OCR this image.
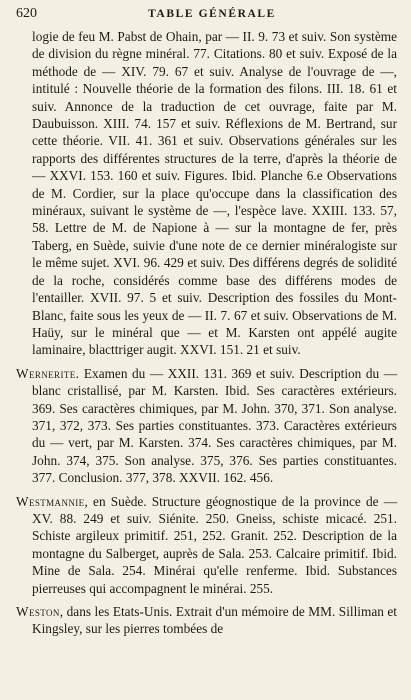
620	TABLE GÉNÉRALE

logie de feu M. Pabst de Ohain, par — II. 9. 73 et suiv. Son système de division du règne minéral. 77. Citations. 80 et suiv. Exposé de la méthode de — XIV. 79. 67 et suiv. Analyse de l'ouvrage de —, intitulé : Nouvelle théorie de la formation des filons. III. 18. 61 et suiv. Annonce de la traduction de cet ouvrage, faite par M. Daubuisson. XIII. 74. 157 et suiv. Réflexions de M. Bertrand, sur cette théorie. VII. 41. 361 et suiv. Observations générales sur les rapports des différentes structures de la terre, d'après la théorie de — XXVI. 153. 160 et suiv. Figures. Ibid. Planche 6.e Observations de M. Cordier, sur la place qu'occupe dans la classification des minéraux, suivant le système de —, l'espèce lave. XXIII. 133. 57, 58. Lettre de M. de Napione à — sur la montagne de fer, près Taberg, en Suède, suivie d'une note de ce dernier minéralogiste sur le même sujet. XVI. 96. 429 et suiv. Des différens degrés de solidité de la roche, considérés comme base des différens modes de l'entailler. XVII. 97. 5 et suiv. Description des fossiles du Mont-Blanc, faite sous les yeux de — II. 7. 67 et suiv. Observations de M. Haüy, sur le minéral que — et M. Karsten ont appélé augite laminaire, blacttriger augit. XXVI. 151. 21 et suiv.

Wernerite. Examen du — XXII. 131. 369 et suiv. Description du — blanc cristallisé, par M. Karsten. Ibid. Ses caractères extérieurs. 369. Ses caractères chimiques, par M. John. 370, 371. Son analyse. 371, 372, 373. Ses parties constituantes. 373. Caractères extérieurs du — vert, par M. Karsten. 374. Ses caractères chimiques, par M. John. 374, 375. Son analyse. 375, 376. Ses parties constituantes. 377. Conclusion. 377, 378. XXVII. 162. 456.

Westmannie, en Suède. Structure géognostique de la province de — XV. 88. 249 et suiv. Siénite. 250. Gneiss, schiste micacé. 251. Schiste argileux primitif. 251, 252. Granit. 252. Description de la montagne du Salberget, auprès de Sala. 253. Calcaire primitif. Ibid. Mine de Sala. 254. Minérai qu'elle renferme. Ibid. Substances pierreuses qui accompagnent le minérai. 255.

Weston, dans les Etats-Unis. Extrait d'un mémoire de MM. Silliman et Kingsley, sur les pierres tombées de
